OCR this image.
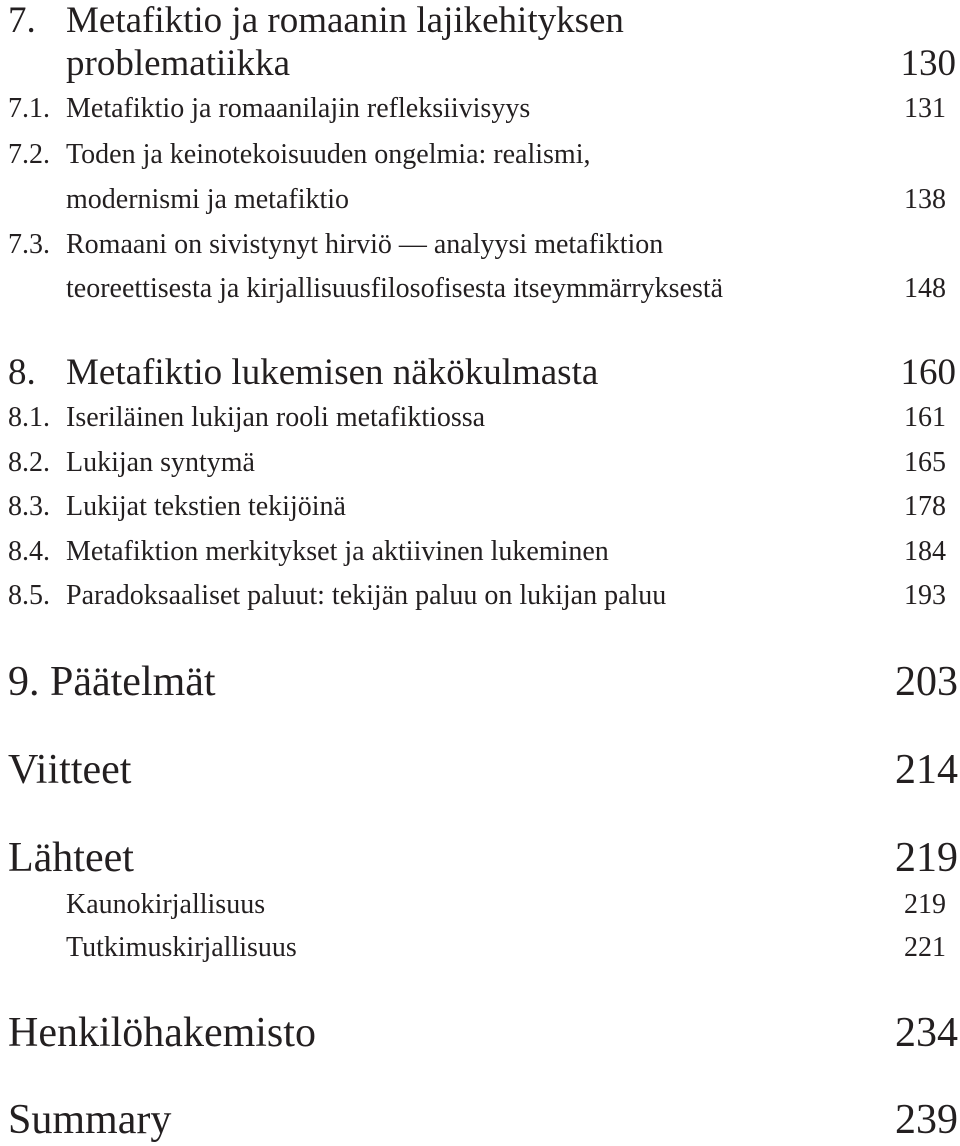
7. Metafiktio ja romaanin lajikehityksen
problematiikka	130
7.1. Metafiktio ja romaanilajin refleksiivisyys	131
7.2. Toden ja keinotekoisuuden ongelmia: realismi,
modernismi ja metafiktio	138
7.3. Romaani on sivistynyt hirviö — analyysi metafiktion
teoreettisesta ja kirjallisuusfilosofisesta itseymmärryksestä	148
8. Metafiktio lukemisen näkökulmasta	160
8.1. Iseriläinen lukijan rooli metafiktiossa	161
8.2. Lukijan syntymä	165
8.3. Lukijat tekstien tekijöinä	178
8.4. Metafiktion merkitykset ja aktiivinen lukeminen	184
8.5. Paradoksaaliset paluut: tekijän paluu on lukijan paluu	193
9. Päätelmät	203
Viitteet	214
Lähteet	219
Kaunokirjallisuus	219
Tutkimuskirjallisuus	221
Henkilöhakemisto	234
Summary	239
